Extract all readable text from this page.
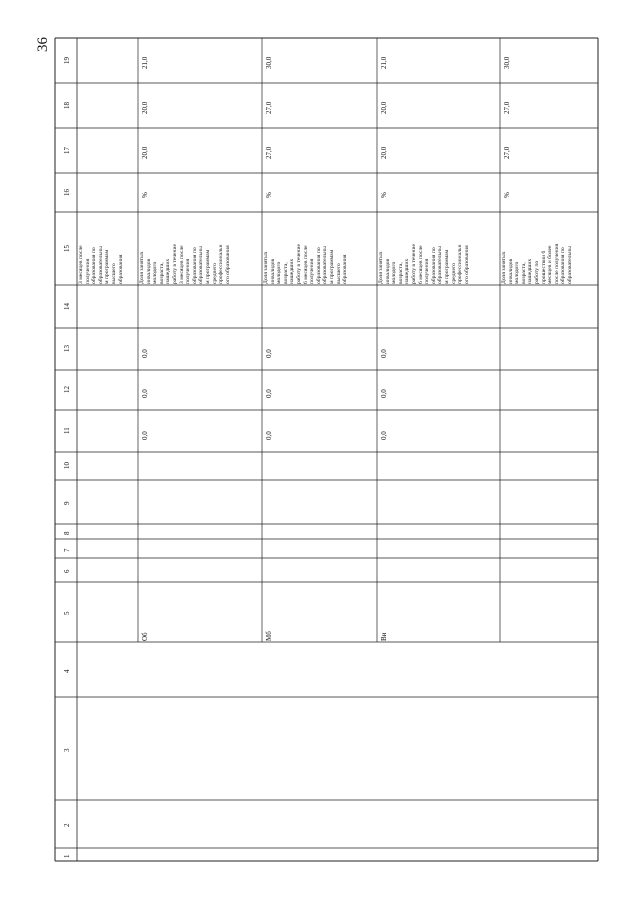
36
1
2
3
4
5
6
7
8
9
10
11
12
13
14
15
16
17
18
19
3 месяцев после получения образования по образовательны м программам высшего образования	Доля занятых инвалидов молодого возраста, нашедших работу в течение 3 месяцев после получения образования по образовательны м программам среднего профессиональн ого образования
%
20,0
20,0
21,0
0,0
0,0
0,0
Об
Доля занятых инвалидов молодого возраста, нашедших работу в течение 6 месяцев после получения образования по образовательны м программам высшего образования
%
27,0
27,0
30,0
0,0
0,0
0,0
Мб
Доля занятых инвалидов молодого возраста, нашедших работу в течение 6 месяцев после получения образования по образовательны м программам среднего профессиональн ого образования
%
20,0
20,0
21,0
0,0
0,0
0,0
Ви
Доля занятых инвалидов молодого возраста, нашедших работу по прошествии 6 месяцев и более после получения образования по образовательны
%
27,0
27,0
30,0
